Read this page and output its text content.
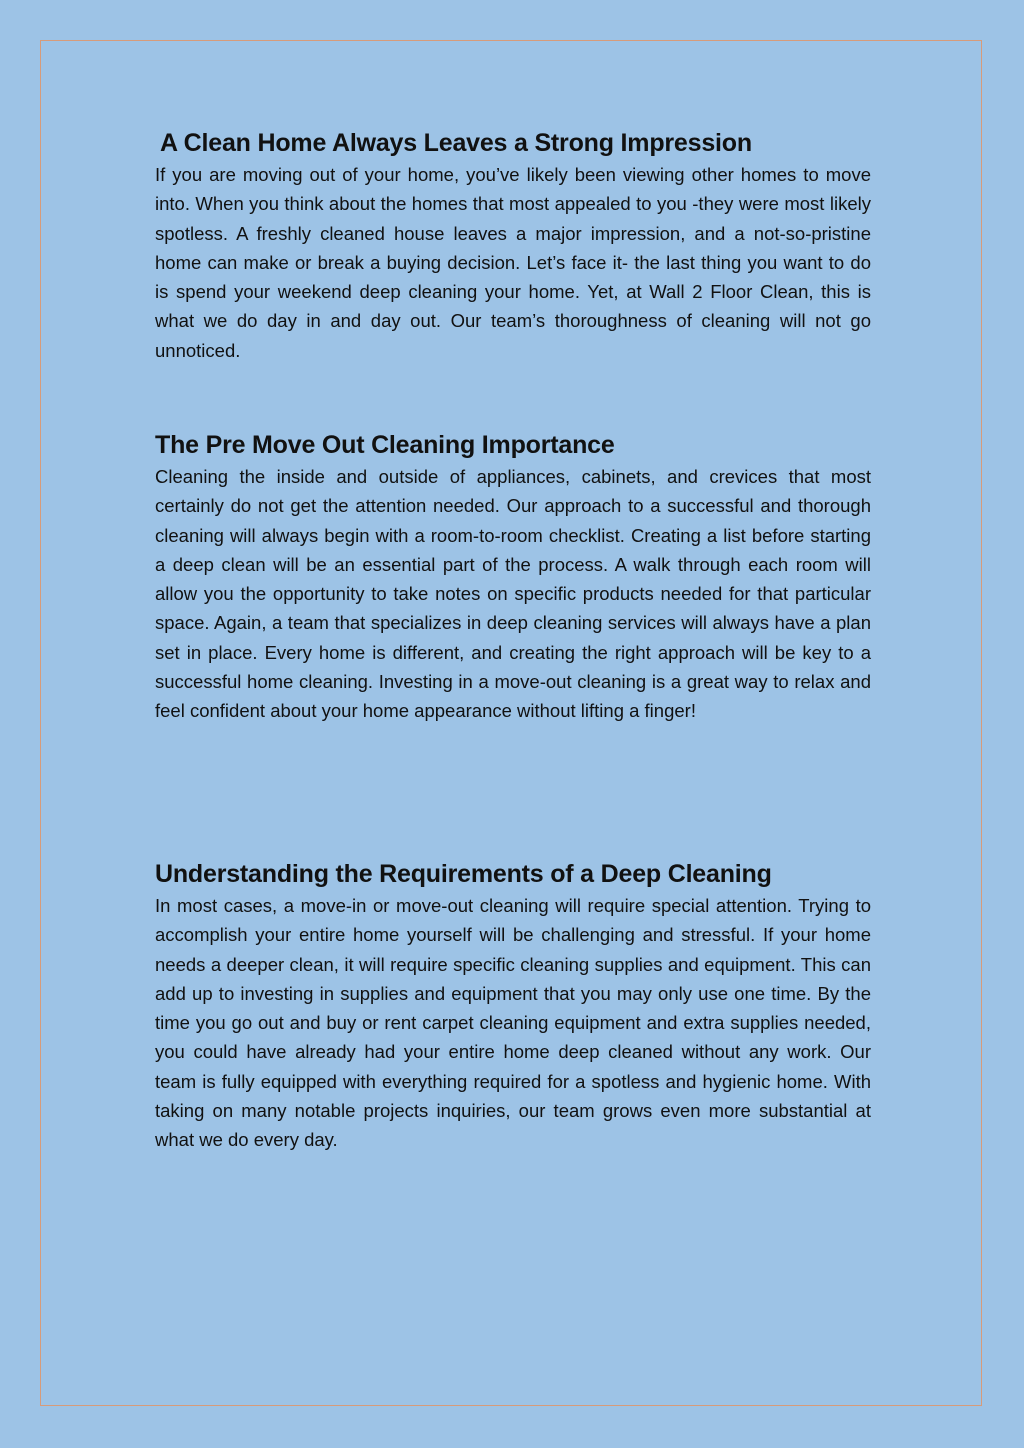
A Clean Home Always Leaves a Strong Impression

If you are moving out of your home, you’ve likely been viewing other homes to move into. When you think about the homes that most appealed to you -they were most likely spotless. A freshly cleaned house leaves a major impression, and a not-so-pristine home can make or break a buying decision. Let’s face it- the last thing you want to do is spend your weekend deep cleaning your home. Yet, at Wall 2 Floor Clean, this is what we do day in and day out. Our team’s thoroughness of cleaning will not go unnoticed.

The Pre Move Out Cleaning Importance

Cleaning the inside and outside of appliances, cabinets, and crevices that most certainly do not get the attention needed. Our approach to a successful and thorough cleaning will always begin with a room-to-room checklist. Creating a list before starting a deep clean will be an essential part of the process. A walk through each room will allow you the opportunity to take notes on specific products needed for that particular space. Again, a team that specializes in deep cleaning services will always have a plan set in place. Every home is different, and creating the right approach will be key to a successful home cleaning. Investing in a move-out cleaning is a great way to relax and feel confident about your home appearance without lifting a finger!

Understanding the Requirements of a Deep Cleaning

In most cases, a move-in or move-out cleaning will require special attention. Trying to accomplish your entire home yourself will be challenging and stressful. If your home needs a deeper clean, it will require specific cleaning supplies and equipment. This can add up to investing in supplies and equipment that you may only use one time. By the time you go out and buy or rent carpet cleaning equipment and extra supplies needed, you could have already had your entire home deep cleaned without any work. Our team is fully equipped with everything required for a spotless and hygienic home. With taking on many notable projects inquiries, our team grows even more substantial at what we do every day.
